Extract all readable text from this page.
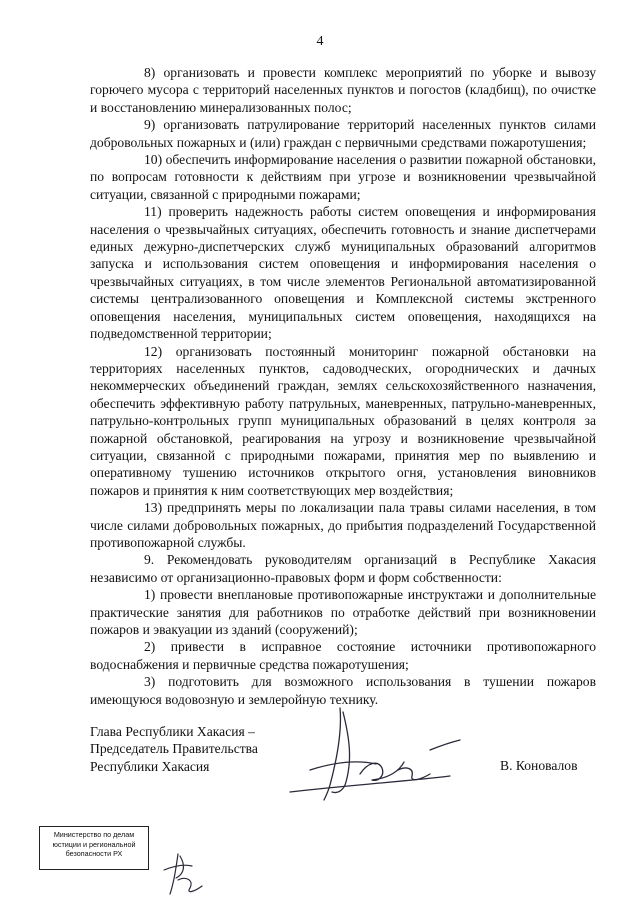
4

8) организовать и провести комплекс мероприятий по уборке и вывозу горючего мусора с территорий населенных пунктов и погостов (кладбищ), по очистке и восстановлению минерализованных полос;

9) организовать патрулирование территорий населенных пунктов силами добровольных пожарных и (или) граждан с первичными средствами пожаротушения;

10) обеспечить информирование населения о развитии пожарной обстановки, по вопросам готовности к действиям при угрозе и возникновении чрезвычайной ситуации, связанной с природными пожарами;

11) проверить надежность работы систем оповещения и информирования населения о чрезвычайных ситуациях, обеспечить готовность и знание диспетчерами единых дежурно-диспетчерских служб муниципальных образований алгоритмов запуска и использования систем оповещения и информирования населения о чрезвычайных ситуациях, в том числе элементов Региональной автоматизированной системы централизованного оповещения и Комплексной системы экстренного оповещения населения, муниципальных систем оповещения, находящихся на подведомственной территории;

12) организовать постоянный мониторинг пожарной обстановки на территориях населенных пунктов, садоводческих, огороднических и дачных некоммерческих объединений граждан, землях сельскохозяйственного назначения, обеспечить эффективную работу патрульных, маневренных, патрульно-маневренных, патрульно-контрольных групп муниципальных образований в целях контроля за пожарной обстановкой, реагирования на угрозу и возникновение чрезвычайной ситуации, связанной с природными пожарами, принятия мер по выявлению и оперативному тушению источников открытого огня, установления виновников пожаров и принятия к ним соответствующих мер воздействия;

13) предпринять меры по локализации пала травы силами населения, в том числе силами добровольных пожарных, до прибытия подразделений Государственной противопожарной службы.

9. Рекомендовать руководителям организаций в Республике Хакасия независимо от организационно-правовых форм и форм собственности:

1) провести внеплановые противопожарные инструктажи и дополнительные практические занятия для работников по отработке действий при возникновении пожаров и эвакуации из зданий (сооружений);

2) привести в исправное состояние источники противопожарного водоснабжения и первичные средства пожаротушения;

3) подготовить для возможного использования в тушении пожаров имеющуюся водовозную и землеройную технику.

Глава Республики Хакасия –
Председатель Правительства
Республики Хакасия	В. Коновалов
Министерство по делам
юстиции и региональной
безопасности РХ
